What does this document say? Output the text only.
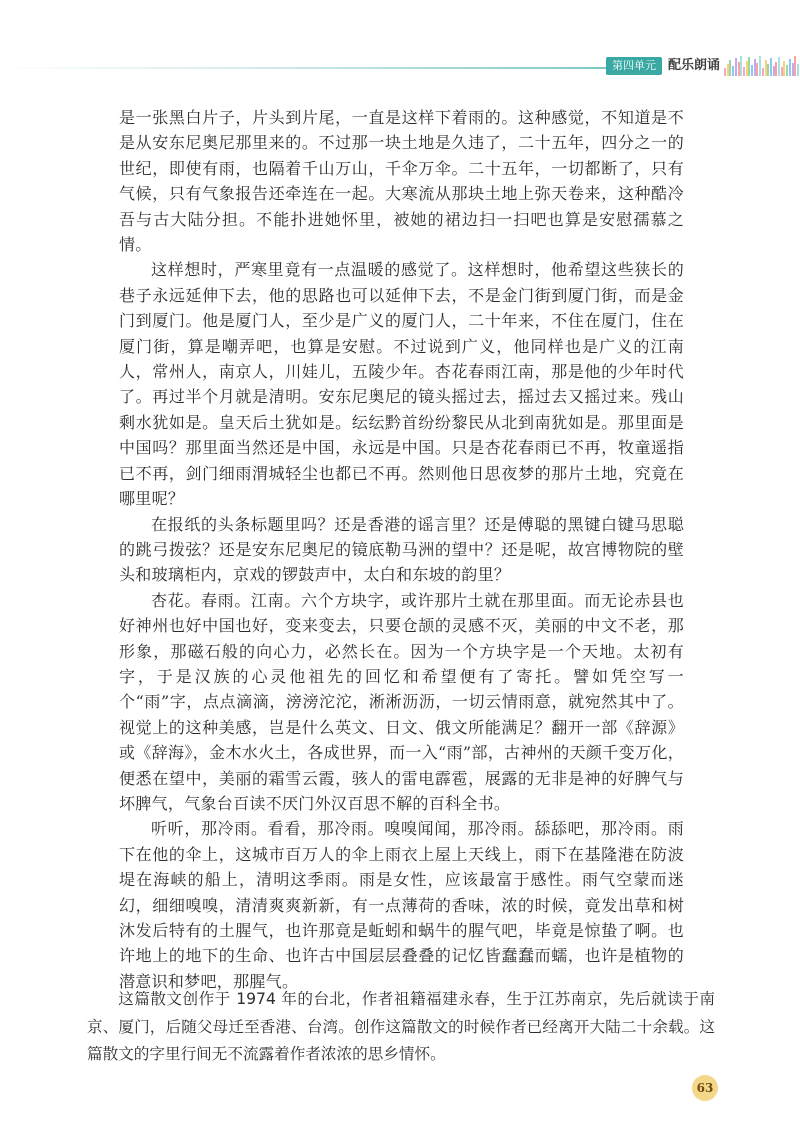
第四单元 配乐朗诵

是一张黑白片子，片头到片尾，一直是这样下着雨的。这种感觉，不知道是不是从安东尼奥尼那里来的。不过那一块土地是久违了，二十五年，四分之一的世纪，即使有雨，也隔着千山万山，千伞万伞。二十五年，一切都断了，只有气候，只有气象报告还牵连在一起。大寒流从那块土地上弥天卷来，这种酷冷吾与古大陆分担。不能扑进她怀里，被她的裙边扫一扫吧也算是安慰孺慕之情。

这样想时，严寒里竟有一点温暖的感觉了。这样想时，他希望这些狭长的巷子永远延伸下去，他的思路也可以延伸下去，不是金门街到厦门街，而是金门到厦门。他是厦门人，至少是广义的厦门人，二十年来，不住在厦门，住在厦门街，算是嘲弄吧，也算是安慰。不过说到广义，他同样也是广义的江南人，常州人，南京人，川娃儿，五陵少年。杏花春雨江南，那是他的少年时代了。再过半个月就是清明。安东尼奥尼的镜头摇过去，摇过去又摇过来。残山剩水犹如是。皇天后土犹如是。纭纭黔首纷纷黎民从北到南犹如是。那里面是中国吗？那里面当然还是中国，永远是中国。只是杏花春雨已不再，牧童遥指已不再，剑门细雨渭城轻尘也都已不再。然则他日思夜梦的那片土地，究竟在哪里呢？

在报纸的头条标题里吗？还是香港的谣言里？还是傅聪的黑键白键马思聪的跳弓拨弦？还是安东尼奥尼的镜底勒马洲的望中？还是呢，故宫博物院的壁头和玻璃柜内，京戏的锣鼓声中，太白和东坡的韵里？

杏花。春雨。江南。六个方块字，或许那片土就在那里面。而无论赤县也好神州也好中国也好，变来变去，只要仓颉的灵感不灭，美丽的中文不老，那形象，那磁石般的向心力，必然长在。因为一个方块字是一个天地。太初有字，于是汉族的心灵他祖先的回忆和希望便有了寄托。譬如凭空写一个“雨”字，点点滴滴，滂滂沱沱，淅淅沥沥，一切云情雨意，就宛然其中了。视觉上的这种美感，岂是什么英文、日文、俄文所能满足？翻开一部《辞源》或《辞海》，金木水火土，各成世界，而一入“雨”部，古神州的天颜千变万化，便悉在望中，美丽的霜雪云霞，骇人的雷电霹雹，展露的无非是神的好脾气与坏脾气，气象台百读不厌门外汉百思不解的百科全书。

听听，那冷雨。看看，那冷雨。嗅嗅闻闻，那冷雨。舔舔吧，那冷雨。雨下在他的伞上，这城市百万人的伞上雨衣上屋上天线上，雨下在基隆港在防波堤在海峡的船上，清明这季雨。雨是女性，应该最富于感性。雨气空蒙而迷幻，细细嗅嗅，清清爽爽新新，有一点薄荷的香味，浓的时候，竟发出草和树沐发后特有的土腥气，也许那竟是蚯蚓和蜗牛的腥气吧，毕竟是惊蛰了啊。也许地上的地下的生命、也许古中国层层叠叠的记忆皆蠢蠢而蠕，也许是植物的潜意识和梦吧，那腥气。

这篇散文创作于 1974 年的台北，作者祖籍福建永春，生于江苏南京，先后就读于南京、厦门，后随父母迁至香港、台湾。创作这篇散文的时候作者已经离开大陆二十余载。这篇散文的字里行间无不流露着作者浓浓的思乡情怀。

63
